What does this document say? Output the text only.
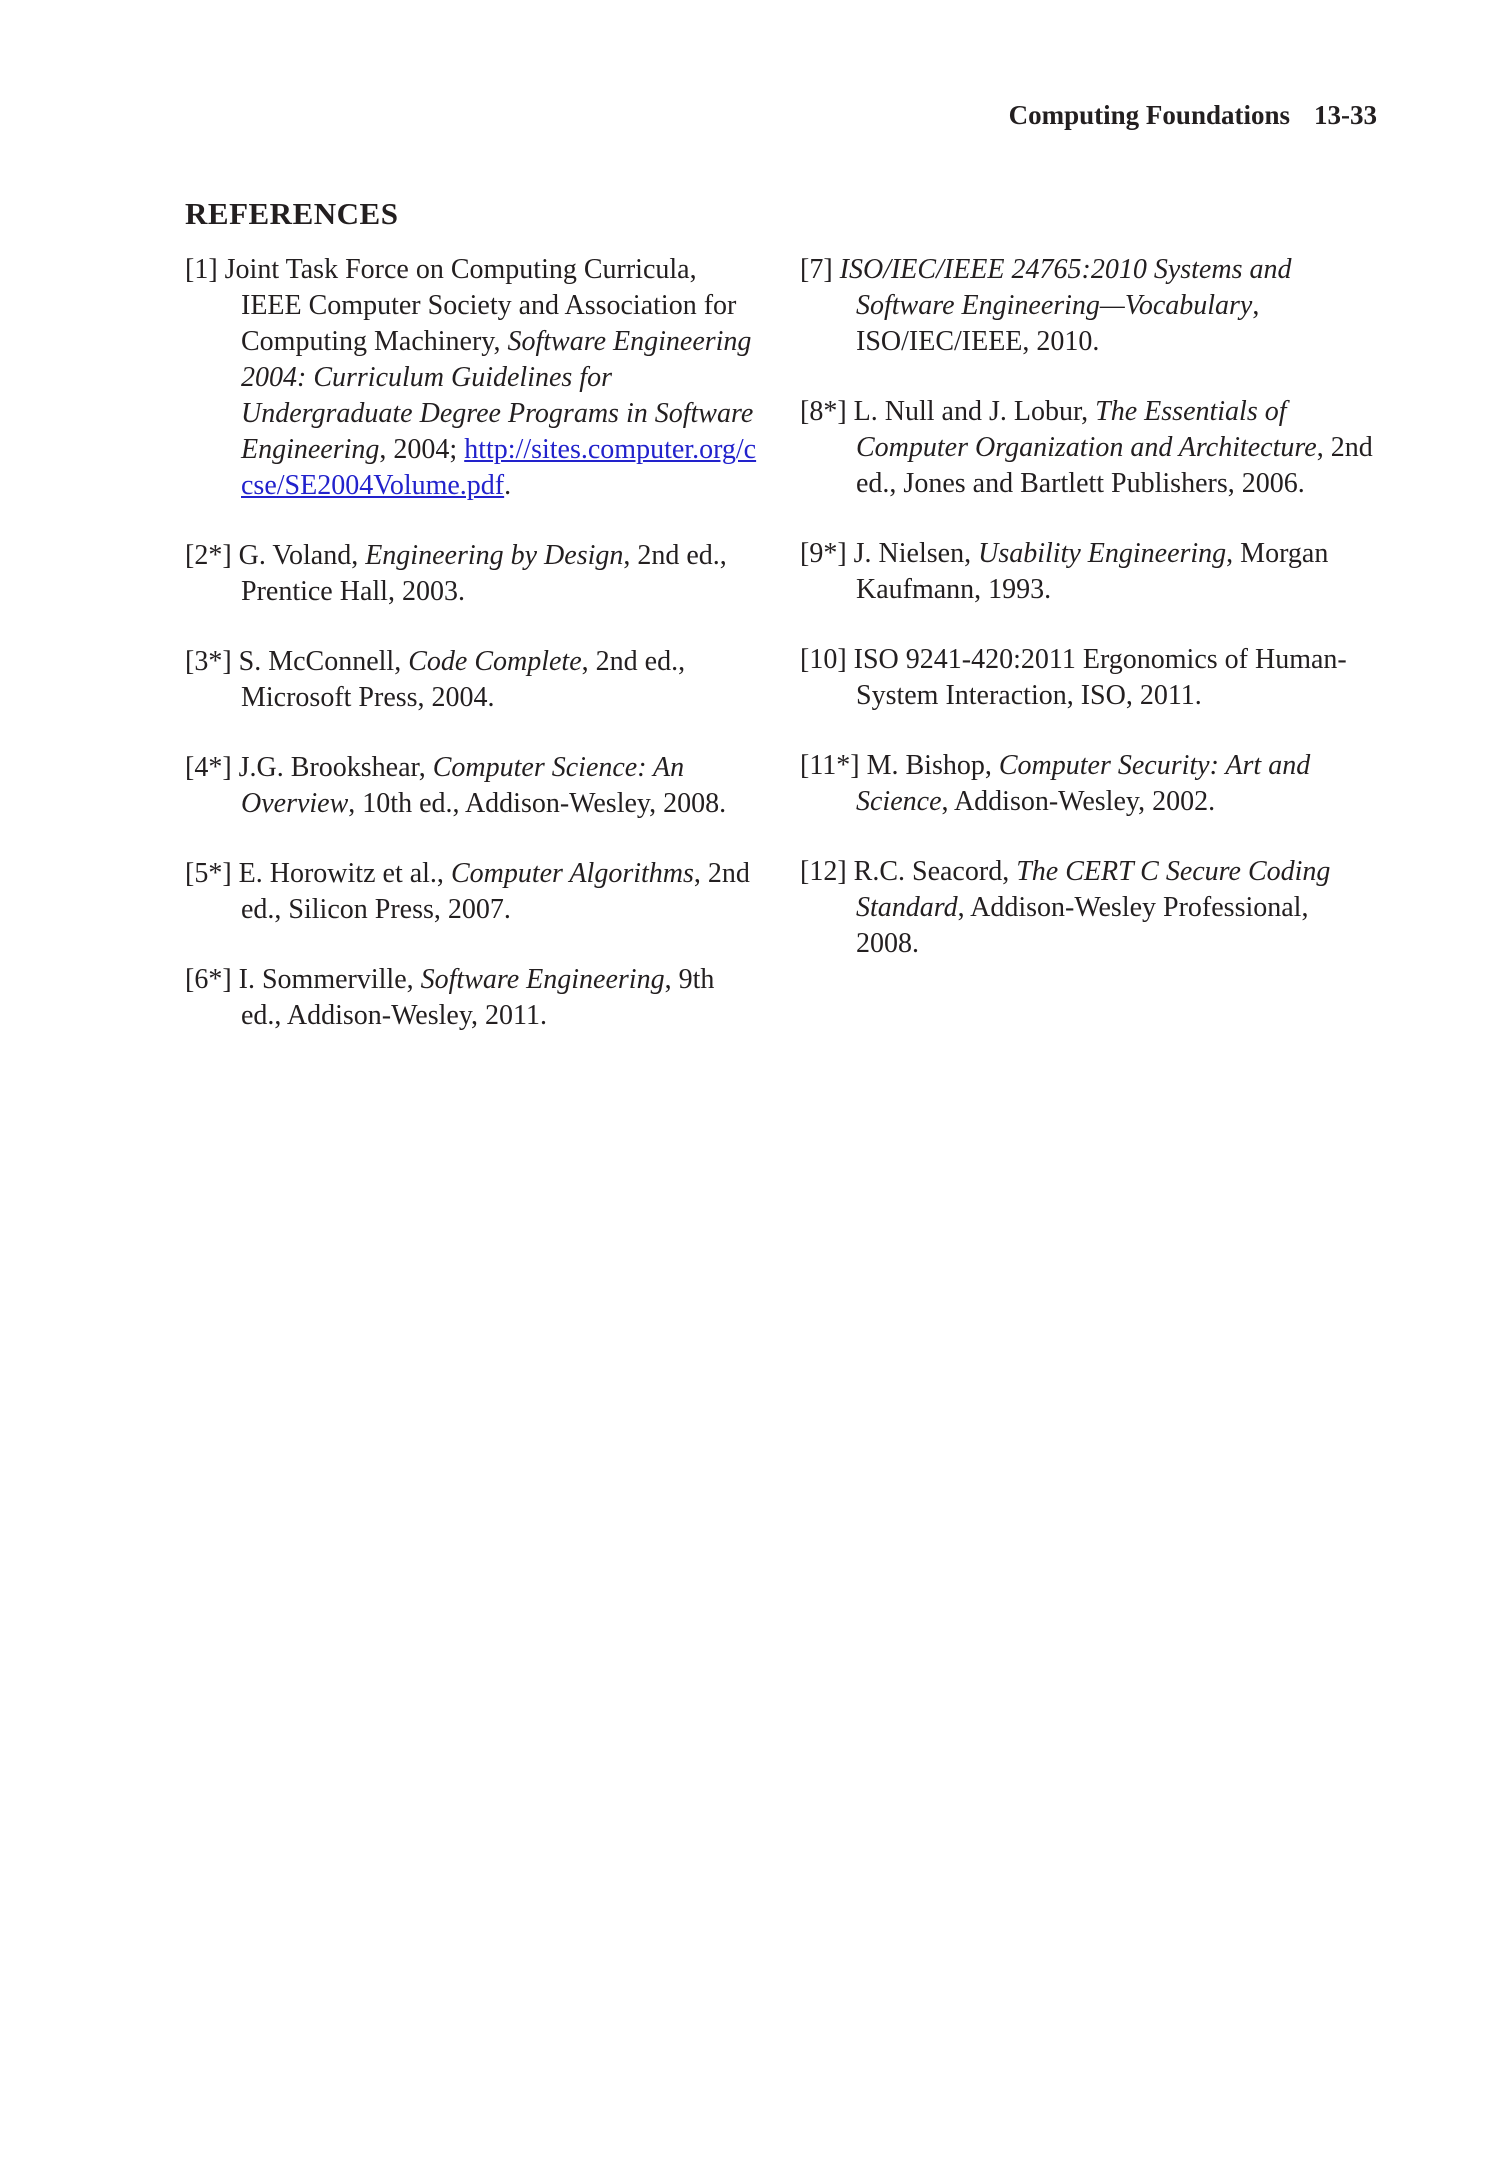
Computing Foundations 13-33
REFERENCES
[1] Joint Task Force on Computing Curricula, IEEE Computer Society and Association for Computing Machinery, Software Engineering 2004: Curriculum Guidelines for Undergraduate Degree Programs in Software Engineering, 2004; http://sites.computer.org/ccse/SE2004Volume.pdf.
[2*] G. Voland, Engineering by Design, 2nd ed., Prentice Hall, 2003.
[3*] S. McConnell, Code Complete, 2nd ed., Microsoft Press, 2004.
[4*] J.G. Brookshear, Computer Science: An Overview, 10th ed., Addison-Wesley, 2008.
[5*] E. Horowitz et al., Computer Algorithms, 2nd ed., Silicon Press, 2007.
[6*] I. Sommerville, Software Engineering, 9th ed., Addison-Wesley, 2011.
[7] ISO/IEC/IEEE 24765:2010 Systems and Software Engineering—Vocabulary, ISO/IEC/IEEE, 2010.
[8*] L. Null and J. Lobur, The Essentials of Computer Organization and Architecture, 2nd ed., Jones and Bartlett Publishers, 2006.
[9*] J. Nielsen, Usability Engineering, Morgan Kaufmann, 1993.
[10] ISO 9241-420:2011 Ergonomics of Human-System Interaction, ISO, 2011.
[11*] M. Bishop, Computer Security: Art and Science, Addison-Wesley, 2002.
[12] R.C. Seacord, The CERT C Secure Coding Standard, Addison-Wesley Professional, 2008.
